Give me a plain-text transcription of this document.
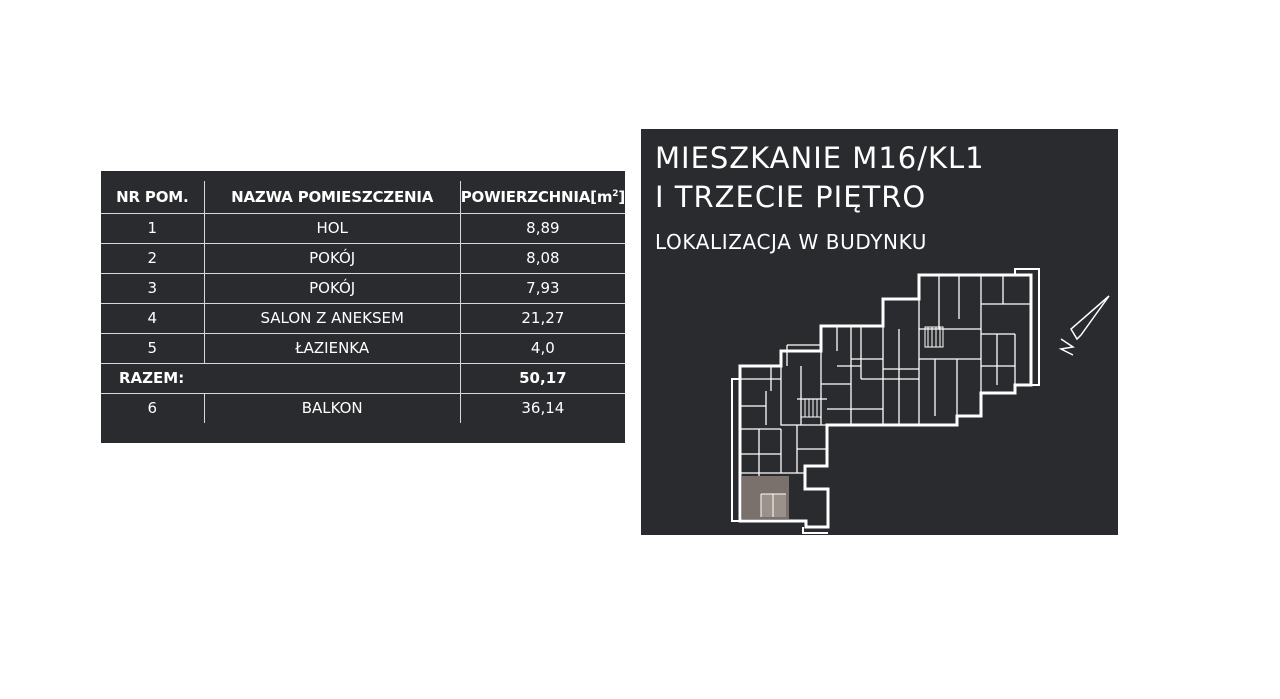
NR POM.	NAZWA POMIESZCZENIA	$POWIERZCHNIA[m^2]$
1	HOL	8,89
2	POKÓJ	8,08
3	POKÓJ	7,93
4	SALON Z ANEKSEM	21,27
5	ŁAZIENKA	4,0
RAZEM:		50,17
6	BALKON	36,14
MIESZKANIE M16/KL1
I TRZECIE PIĘTRO
LOKALIZACJA W BUDYNKU
